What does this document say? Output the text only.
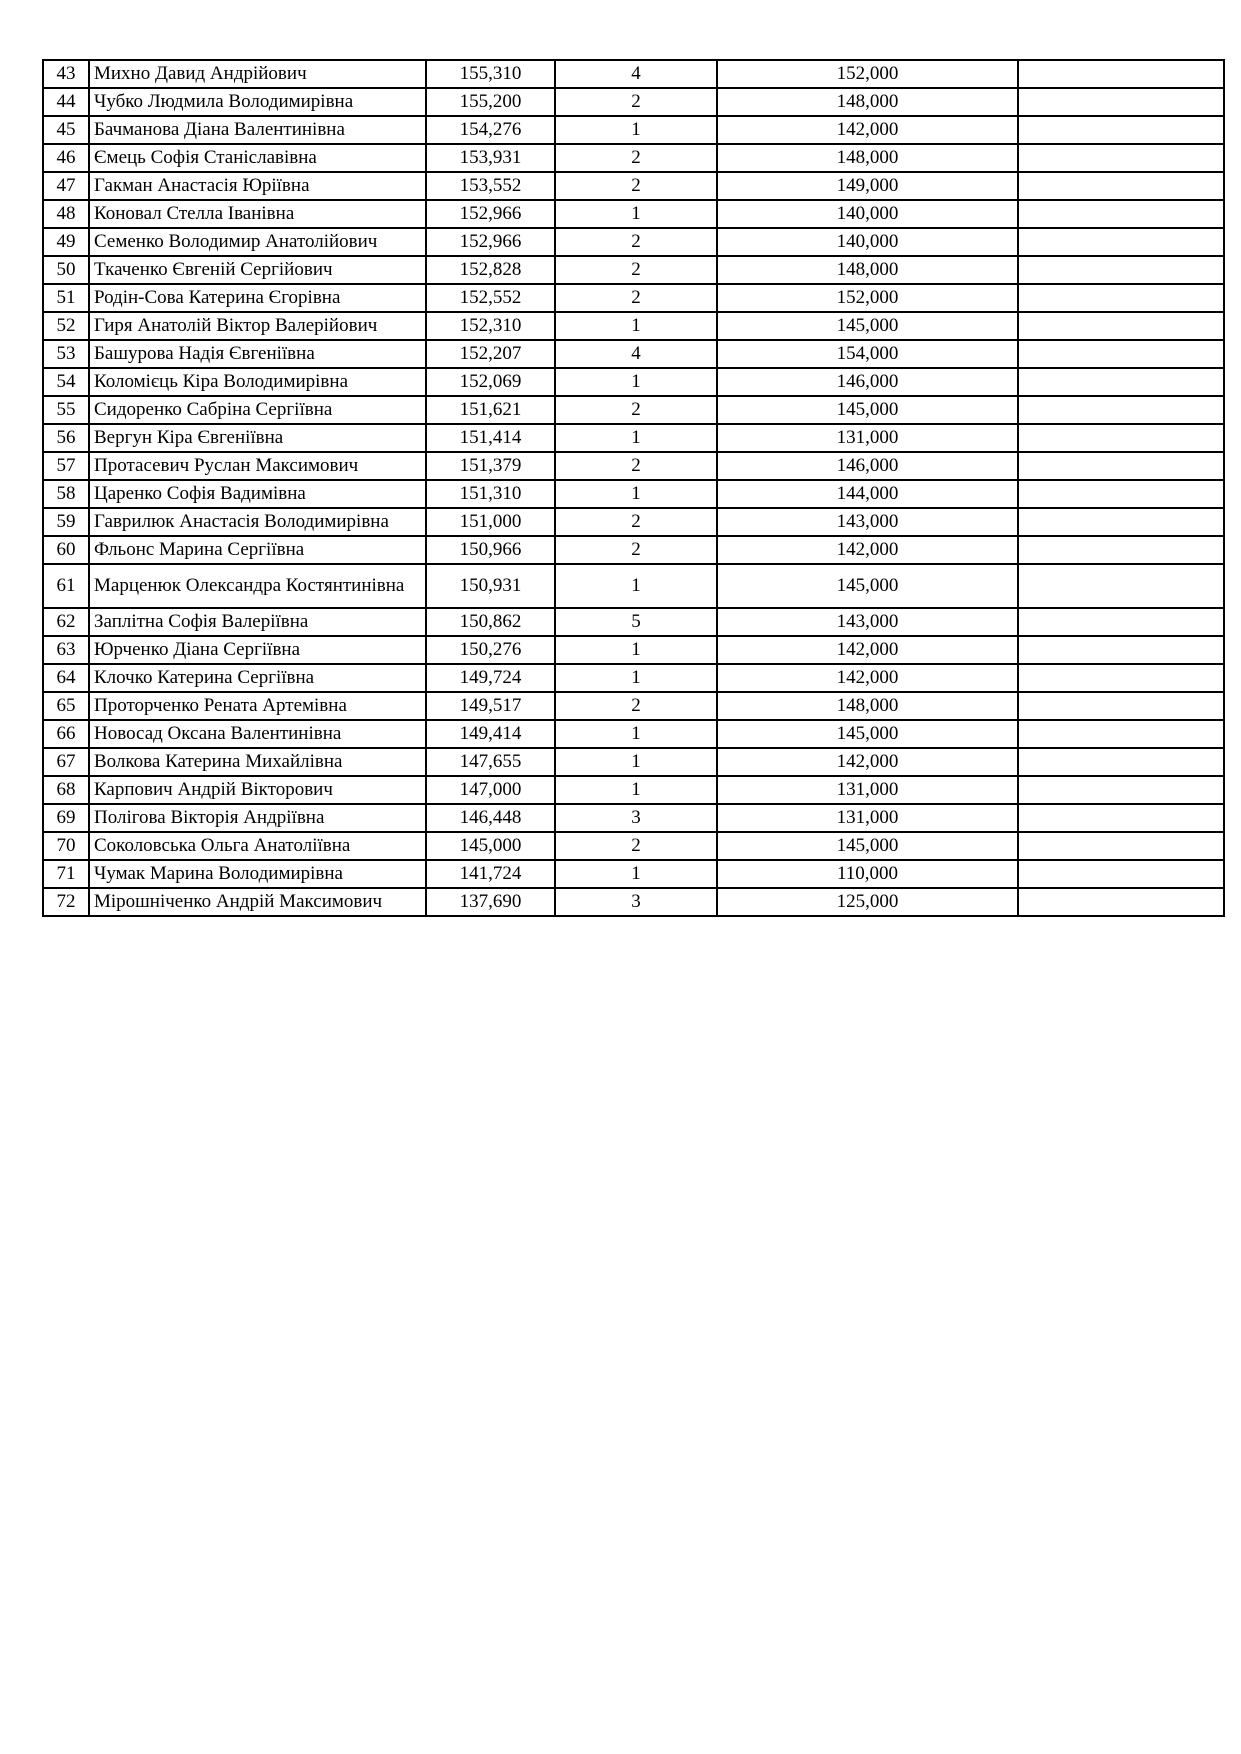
43	Михно Давид Андрійович	155,310	4	152,000	
44	Чубко Людмила Володимирівна	155,200	2	148,000	
45	Бачманова Діана Валентинівна	154,276	1	142,000	
46	Ємець Софія Станіславівна	153,931	2	148,000	
47	Гакман Анастасія Юріївна	153,552	2	149,000	
48	Коновал Стелла Іванівна	152,966	1	140,000	
49	Семенко Володимир Анатолійович	152,966	2	140,000	
50	Ткаченко Євгеній Сергійович	152,828	2	148,000	
51	Родін-Сова Катерина Єгорівна	152,552	2	152,000	
52	Гиря Анатолій Віктор Валерійович	152,310	1	145,000	
53	Башурова Надія Євгеніївна	152,207	4	154,000	
54	Коломієць Кіра Володимирівна	152,069	1	146,000	
55	Сидоренко Сабріна Сергіївна	151,621	2	145,000	
56	Вергун Кіра Євгеніївна	151,414	1	131,000	
57	Протасевич Руслан Максимович	151,379	2	146,000	
58	Царенко Софія Вадимівна	151,310	1	144,000	
59	Гаврилюк Анастасія Володимирівна	151,000	2	143,000	
60	Фльонс Марина Сергіївна	150,966	2	142,000	
61	Марценюк Олександра Костянтинівна	150,931	1	145,000	
62	Заплітна Софія Валеріївна	150,862	5	143,000	
63	Юрченко Діана Сергіївна	150,276	1	142,000	
64	Клочко Катерина Сергіївна	149,724	1	142,000	
65	Проторченко Рената Артемівна	149,517	2	148,000	
66	Новосад Оксана Валентинівна	149,414	1	145,000	
67	Волкова Катерина Михайлівна	147,655	1	142,000	
68	Карпович Андрій Вікторович	147,000	1	131,000	
69	Полігова Вікторія Андріївна	146,448	3	131,000	
70	Соколовська Ольга Анатоліївна	145,000	2	145,000	
71	Чумак Марина Володимирівна	141,724	1	110,000	
72	Мірошніченко Андрій Максимович	137,690	3	125,000	
